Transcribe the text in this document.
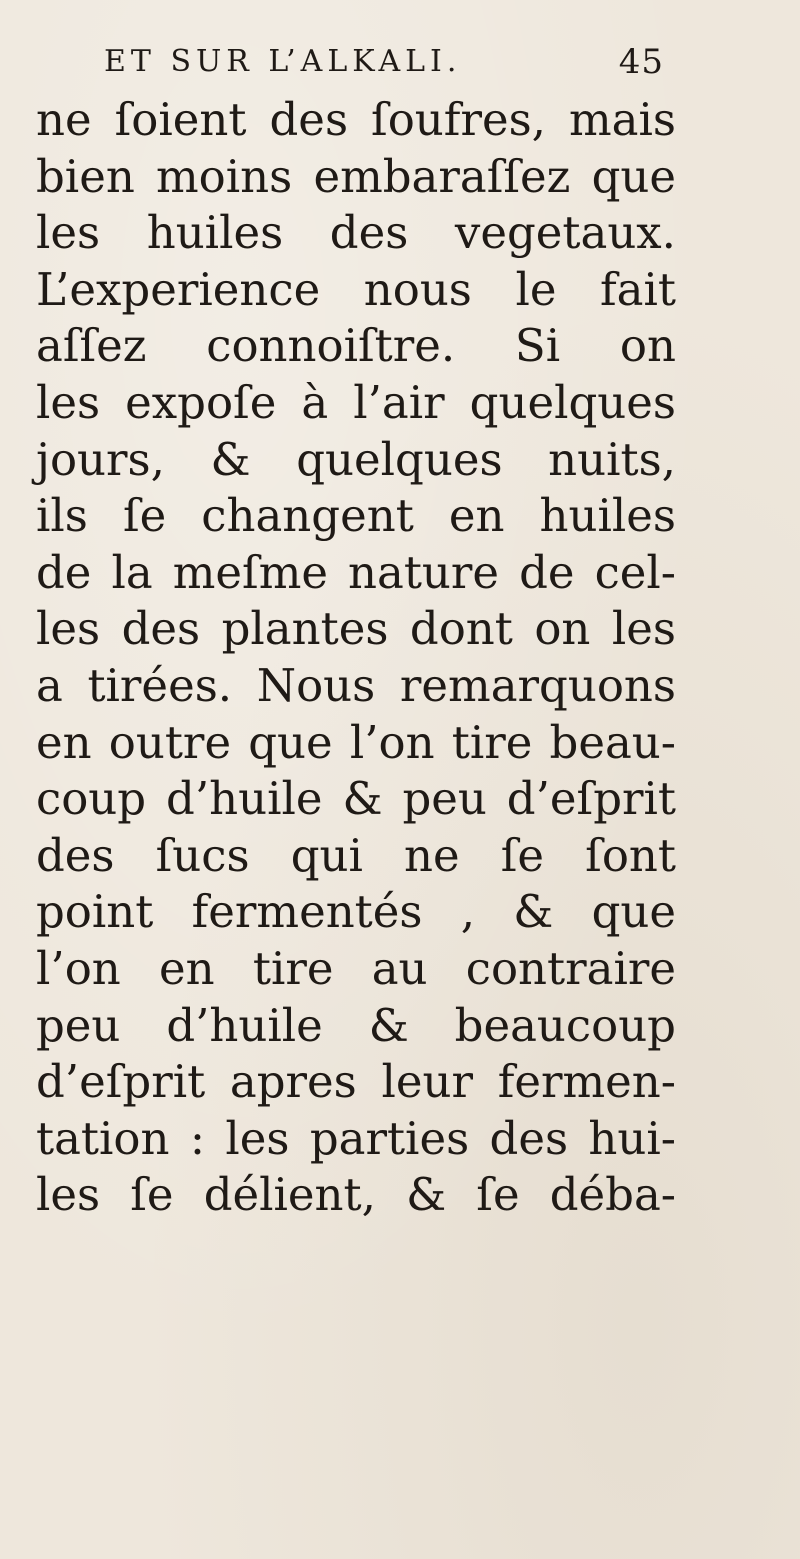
ET SUR L’ALKALI.	45
ne ſoient des ſoufres, mais
bien moins embaraſſez que
les huiles des vegetaux.
L’experience nous le fait
aſſez connoiſtre. Si on
les expoſe à l’air quelques
jours, & quelques nuits,
ils ſe changent en huiles
de la meſme nature de cel-
les des plantes dont on les
a tirées. Nous remarquons
en outre que l’on tire beau-
coup d’huile & peu d’eſprit
des ſucs qui ne ſe ſont
point fermentés , & que
l’on en tire au contraire
peu d’huile & beaucoup
d’eſprit apres leur fermen-
tation : les parties des hui-
les ſe délient, & ſe déba-
